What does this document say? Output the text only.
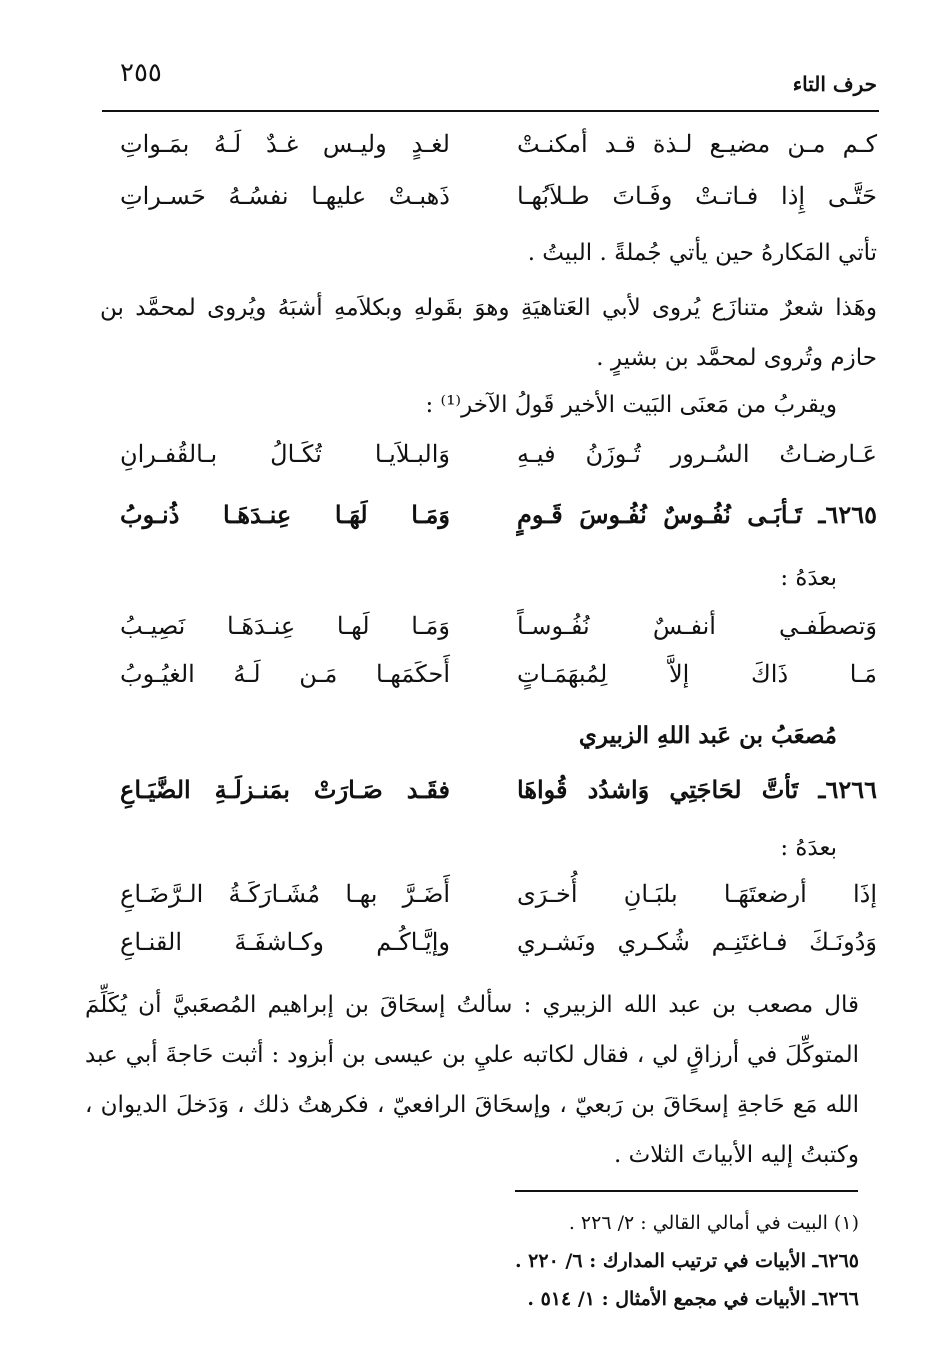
٢٥٥	حرف التاء
كـم مـن مضيـع لـذة قـد أمكنـتْ
لغـدٍ وليـس غـدٌ لَـهُ بمَـواتِ
حَتَّـى إِذا فـاتـتْ وفَـاتَ طـلاَبُهـا
ذَهبـتْ عليهـا نفسُـهُ حَسـراتِ
تأتي المَكارهُ حين يأتي جُملةً . البيتُ .
وهَذا شعرٌ متنازَع يُروى لأبي العَتاهيَةِ وهوَ بقَولهِ وبكلاَمهِ أشبَهُ ويُروى لمحمَّد بن حازم وتُروى لمحمَّد بن بشيرٍ .
ويقربُ من مَعنَى البَيت الأخير قَولُ الآخر⁽¹⁾ :
عَـارضـاتُ السُـرور تُـوزَنُ فيـهِ
وَالبـلاَيـا تُكَـالُ بـالقُفـرانِ
٦٢٦٥ـ تَـأبَـى نُفُـوسٌ نُفُـوسَ قَـومٍ
وَمَـا لَهَـا عِنـدَهَـا ذُنـوبُ
بعدَهُ :
وَتصطَفـي أنفـسٌ نُفُـوسـاً
وَمَـا لَهـا عِنـدَهَـا نَصِيـبُ
مَـا ذَاكَ إلاَّ لِمُبهَمَـاتٍ
أَحكَمَهـا مَـن لَـهُ الغيُـوبُ
مُصعَبُ بن عَبد اللهِ الزبيري
٦٢٦٦ـ تَأتَّ لحَاجَتِي وَاشدُد قُواهَا
فقَـد صَـارَتْ بمَنـزلَـةِ الضَّيَـاعِ
بعدَهُ :
إذَا أرضعتَهَـا بلبَـانِ أُخـرَى
أَضَـرَّ بهـا مُشَـارَكَـةُ الـرَّضَـاعِ
وَدُونَـكَ فـاغتَنِـم شُكـري ونَشـري
وإيَّـاكُـم وكـاشفَـةَ القنـاعِ
قال مصعب بن عبد الله الزبيري : سألتُ إسحَاقَ بن إبراهيم المُصعَبيَّ أن يُكَلِّمَ المتوكِّلَ في أرزاقٍ لي ، فقال لكاتبه عليِ بن عيسى بن أبزود : أثبت حَاجةَ أبي عبد الله مَع حَاجةِ إسحَاقَ بن رَبعيّ ، وإسحَاقَ الرافعيّ ، فكرهتُ ذلك ، وَدَخلَ الديوان ، وكتبتُ إليه الأبياتَ الثلاث .
(١) البيت في أمالي القالي : ٢/ ٢٢٦ .
٦٢٦٥ـ الأبيات في ترتيب المدارك : ٦/ ٢٢٠ .
٦٢٦٦ـ الأبيات في مجمع الأمثال : ١/ ٥١٤ .
